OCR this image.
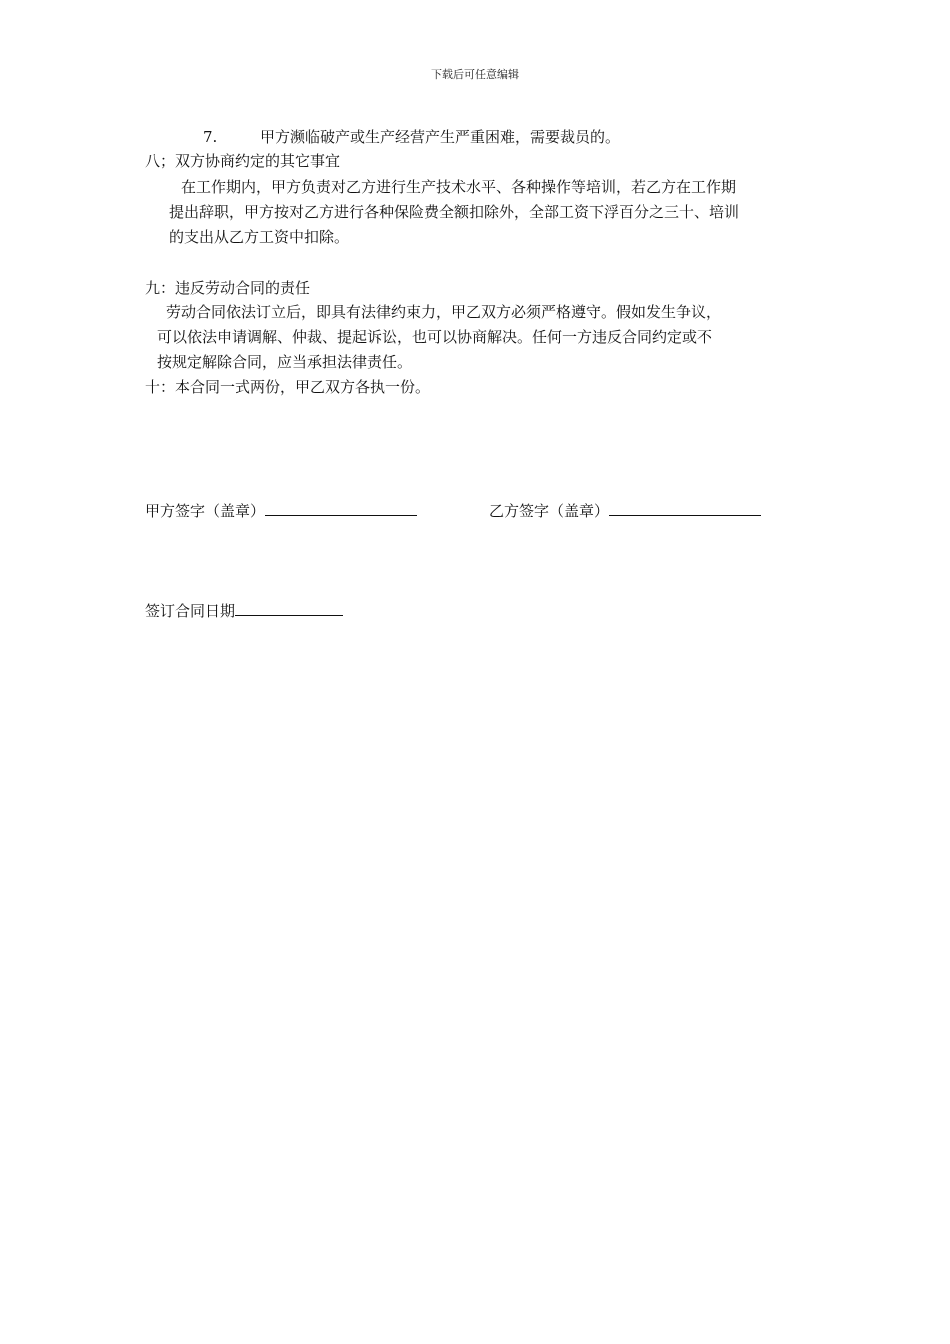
下载后可任意编辑
7.	甲方濒临破产或生产经营产生严重困难，需要裁员的。
八；双方协商约定的其它事宜
在工作期内，甲方负责对乙方进行生产技术水平、各种操作等培训，若乙方在工作期
提出辞职，甲方按对乙方进行各种保险费全额扣除外，全部工资下浮百分之三十、培训
的支出从乙方工资中扣除。
九：违反劳动合同的责任
劳动合同依法订立后，即具有法律约束力，甲乙双方必须严格遵守。假如发生争议，
可以依法申请调解、仲裁、提起诉讼，也可以协商解决。任何一方违反合同约定或不
按规定解除合同，应当承担法律责任。
十：本合同一式两份，甲乙双方各执一份。
甲方签字（盖章）	乙方签字（盖章）
签订合同日期
